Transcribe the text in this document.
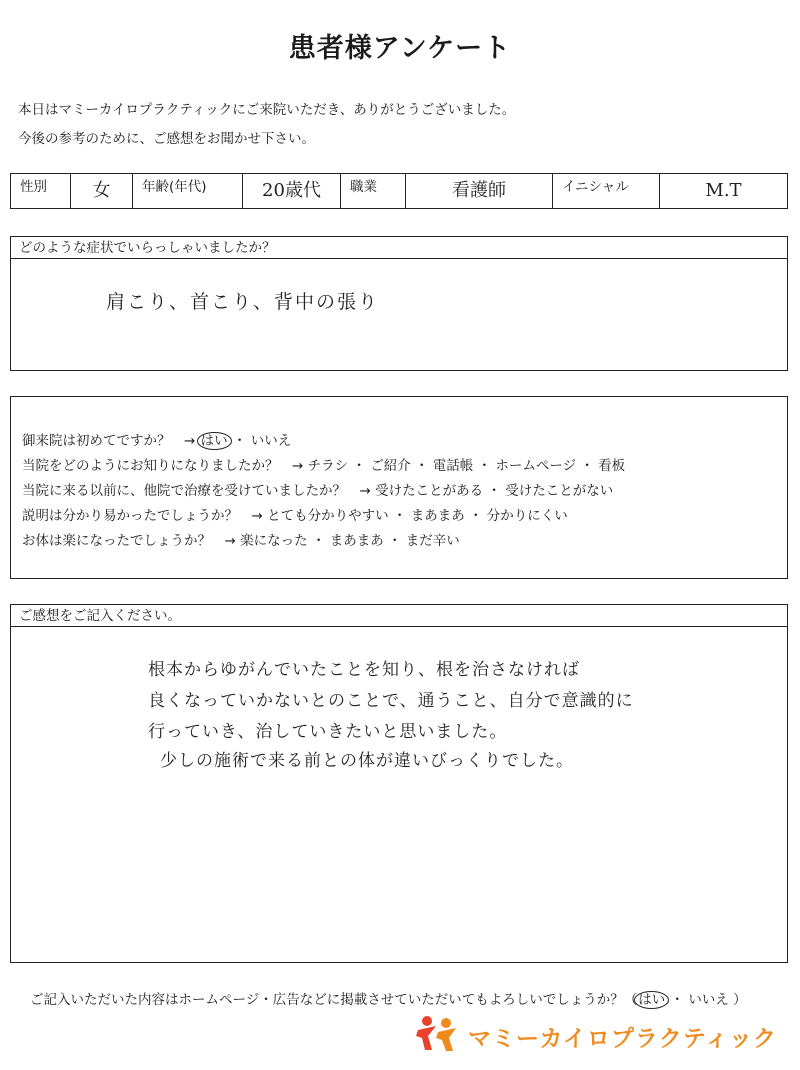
患者様アンケート
本日はマミーカイロプラクティックにご来院いただき、ありがとうございました。
今後の参考のために、ご感想をお聞かせ下さい。
性別	女	年齢(年代)	20歳代	職業	看護師	イニシャル	M.T
どのような症状でいらっしゃいましたか？
肩こり、首こり、背中の張り
御来院は初めてですか？　→ はい ・ いいえ
当院をどのようにお知りになりましたか？　→ チラシ ・ ご紹介 ・ 電話帳 ・ ホームページ ・ 看板
当院に来る以前に、他院で治療を受けていましたか？　→ 受けたことがある ・ 受けたことがない
説明は分かり易かったでしょうか？　→ とても分かりやすい ・ まあまあ ・ 分かりにくい
お体は楽になったでしょうか？　→ 楽になった ・ まあまあ ・ まだ辛い
ご感想をご記入ください。
根本からゆがんでいたことを知り、根を治さなければ
良くなっていかないとのことで、通うこと、自分で意識的に
行っていき、治していきたいと思いました。
少しの施術で来る前との体が違いびっくりでした。
ご記入いただいた内容はホームページ・広告などに掲載させていただいてもよろしいでしょうか？（はい ・ いいえ ）
マミーカイロプラクティック
